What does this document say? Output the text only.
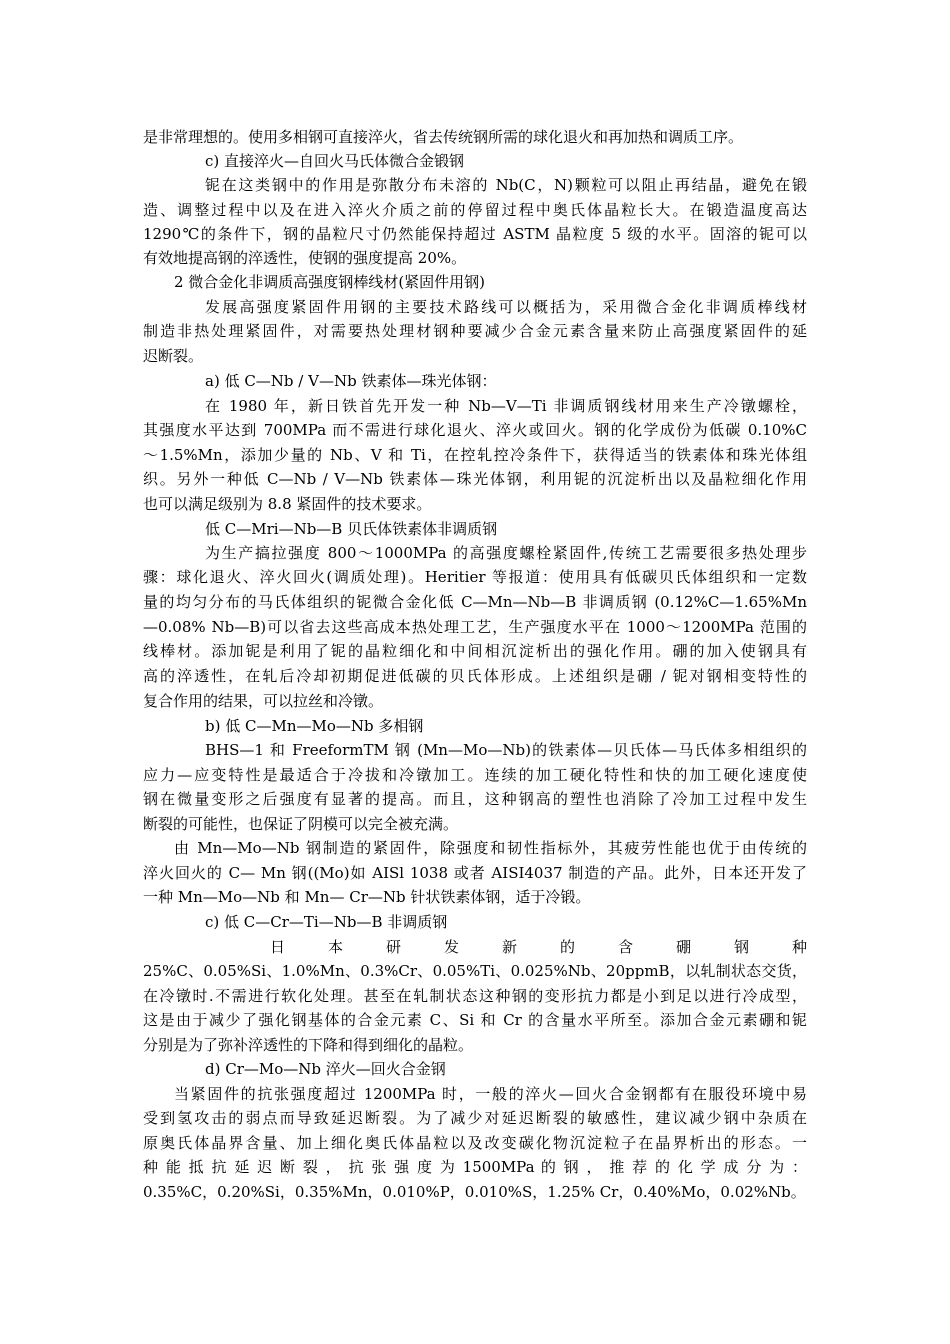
是非常理想的。使用多相钢可直接淬火，省去传统钢所需的球化退火和再加热和调质工序。
c) 直接淬火—自回火马氏体微合金锻钢
铌在这类钢中的作用是弥散分布未溶的 Nb(C，N)颗粒可以阻止再结晶，避免在锻
造、调整过程中以及在进入淬火介质之前的停留过程中奥氏体晶粒长大。在锻造温度高达
1290℃的条件下，钢的晶粒尺寸仍然能保持超过 ASTM 晶粒度 5 级的水平。固溶的铌可以
有效地提高钢的淬透性，使钢的强度提高 20%。
2 微合金化非调质高强度钢棒线材(紧固件用钢)
发展高强度紧固件用钢的主要技术路线可以概括为，采用微合金化非调质棒线材
制造非热处理紧固件，对需要热处理材钢种要减少合金元素含量来防止高强度紧固件的延
迟断裂。
a) 低 C—Nb / V—Nb 铁素体—珠光体钢：
在 1980 年，新日铁首先开发一种 Nb—V—Ti 非调质钢线材用来生产冷镦螺栓，
其强度水平达到 700MPa 而不需进行球化退火、淬火或回火。钢的化学成份为低碳 0.10%C
～1.5%Mn，添加少量的 Nb、V 和 Ti，在控轧控冷条件下，获得适当的铁素体和珠光体组
织。另外一种低 C—Nb / V—Nb 铁素体—珠光体钢，利用铌的沉淀析出以及晶粒细化作用
也可以满足级别为 8.8 紧固件的技术要求。
低 C—Mri—Nb—B 贝氏体铁素体非调质钢
为生产搞拉强度 800～1000MPa 的高强度螺栓紧固件,传统工艺需要很多热处理步
骤：球化退火、淬火回火(调质处理)。Heritier 等报道：使用具有低碳贝氏体组织和一定数
量的均匀分布的马氏体组织的铌微合金化低 C—Mn—Nb—B 非调质钢 (0.12%C—1.65%Mn
—0.08% Nb—B)可以省去这些高成本热处理工艺，生产强度水平在 1000～1200MPa 范围的
线棒材。添加铌是利用了铌的晶粒细化和中间相沉淀析出的强化作用。硼的加入使钢具有
高的淬透性，在轧后冷却初期促进低碳的贝氏体形成。上述组织是硼 / 铌对钢相变特性的
复合作用的结果，可以拉丝和冷镦。
b) 低 C—Mn—Mo—Nb 多相钢
BHS—1 和 FreeformTM 钢 (Mn—Mo—Nb)的铁素体—贝氏体—马氏体多相组织的
应力—应变特性是最适合于冷拔和冷镦加工。连续的加工硬化特性和快的加工硬化速度使
钢在微量变形之后强度有显著的提高。而且，这种钢高的塑性也消除了冷加工过程中发生
断裂的可能性，也保证了阴模可以完全被充满。
由 Mn—Mo—Nb 钢制造的紧固件，除强度和韧性指标外，其疲劳性能也优于由传统的
淬火回火的 C— Mn 钢((Mo)如 AISl 1038 或者 AISI4037 制造的产品。此外，日本还开发了
一种 Mn—Mo—Nb 和 Mn— Cr—Nb 针状铁素体钢，适于冷锻。
c) 低 C—Cr—Ti—Nb—B 非调质钢
日 本 研 发 新 的 含 硼 钢 种
25%C、0.05%Si、1.0%Mn、0.3%Cr、0.05%Ti、0.025%Nb、20ppmB，以轧制状态交货，
在冷镦时.不需进行软化处理。甚至在轧制状态这种钢的变形抗力都是小到足以进行冷成型，
这是由于减少了强化钢基体的合金元素 C、Si 和 Cr 的含量水平所至。添加合金元素硼和铌
分别是为了弥补淬透性的下降和得到细化的晶粒。
d) Cr—Mo—Nb 淬火—回火合金钢
当紧固件的抗张强度超过 1200MPa 时，一般的淬火—回火合金钢都有在服役环境中易
受到氢攻击的弱点而导致延迟断裂。为了减少对延迟断裂的敏感性，建议减少钢中杂质在
原奥氏体晶界含量、加上细化奥氏体晶粒以及改变碳化物沉淀粒子在晶界析出的形态。一
种 能 抵 抗 延 迟 断 裂 ， 抗 张 强 度 为 1500MPa 的 钢 ， 推 荐 的 化 学 成 分 为 ：
0.35%C，0.20%Si，0.35%Mn，0.010%P，0.010%S，1.25% Cr，0.40%Mo，0.02%Nb。
